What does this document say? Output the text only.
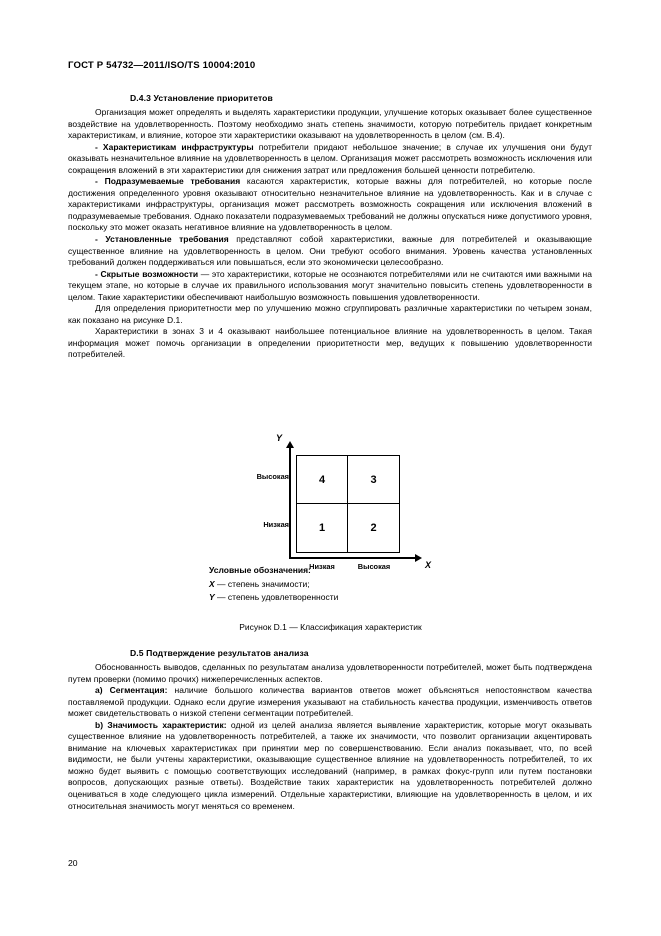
ГОСТ Р 54732—2011/ISO/TS 10004:2010
D.4.3 Установление приоритетов

Организация может определять и выделять характеристики продукции, улучшение которых оказывает более существенное воздействие на удовлетворенность. Поэтому необходимо знать степень значимости, которую потребитель придает конкретным характеристикам, и влияние, которое эти характеристики оказывают на удовлетворенность в целом (см. В.4).

- Характеристикам инфраструктуры потребители придают небольшое значение; в случае их улучшения они будут оказывать незначительное влияние на удовлетворенность в целом. Организация может рассмотреть возможность исключения или сокращения вложений в эти характеристики для снижения затрат или предложения большей ценности потребителю.

- Подразумеваемые требования касаются характеристик, которые важны для потребителей, но которые после достижения определенного уровня оказывают относительно незначительное влияние на удовлетворенность. Как и в случае с характеристиками инфраструктуры, организация может рассмотреть возможность сокращения или исключения вложений в подразумеваемые требования. Однако показатели подразумеваемых требований не должны опускаться ниже допустимого уровня, поскольку это может оказать негативное влияние на удовлетворенность в целом.

- Установленные требования представляют собой характеристики, важные для потребителей и оказывающие существенное влияние на удовлетворенность в целом. Они требуют особого внимания. Уровень качества установленных требований должен поддерживаться или повышаться, если это экономически целесообразно.

- Скрытые возможности — это характеристики, которые не осознаются потребителями или не считаются ими важными на текущем этапе, но которые в случае их правильного использования могут значительно повысить степень удовлетворенности в целом. Такие характеристики обеспечивают наибольшую возможность повышения удовлетворенности.

Для определения приоритетности мер по улучшению можно сгруппировать различные характеристики по четырем зонам, как показано на рисунке D.1.

Характеристики в зонах 3 и 4 оказывают наибольшее потенциальное влияние на удовлетворенность в целом. Такая информация может помочь организации в определении приоритетности мер, ведущих к повышению удовлетворенности потребителей.

Y
X
4	3
1	2
Высокая
Низкая
Низкая	Высокая
Условные обозначения:
X — степень значимости;
Y — степень удовлетворенности
Рисунок D.1 — Классификация характеристик
D.5 Подтверждение результатов анализа

Обоснованность выводов, сделанных по результатам анализа удовлетворенности потребителей, может быть подтверждена путем проверки (помимо прочих) нижеперечисленных аспектов.

a) Сегментация: наличие большого количества вариантов ответов может объясняться непостоянством качества поставляемой продукции. Однако если другие измерения указывают на стабильность качества продукции, изменчивость ответов может свидетельствовать о низкой степени сегментации потребителей.

b) Значимость характеристик: одной из целей анализа является выявление характеристик, которые могут оказывать существенное влияние на удовлетворенность потребителей, а также их значимости, что позволит организации акцентировать внимание на ключевых характеристиках при принятии мер по совершенствованию. Если анализ показывает, что, по всей видимости, не были учтены характеристики, оказывающие существенное влияние на удовлетворенность потребителей, то их можно будет выявить с помощью соответствующих исследований (например, в рамках фокус-групп или путем постановки вопросов, допускающих разные ответы). Воздействие таких характеристик на удовлетворенность потребителей должно оцениваться в ходе следующего цикла измерений. Отдельные характеристики, влияющие на удовлетворенность в целом, и их относительная значимость могут меняться со временем.

20
